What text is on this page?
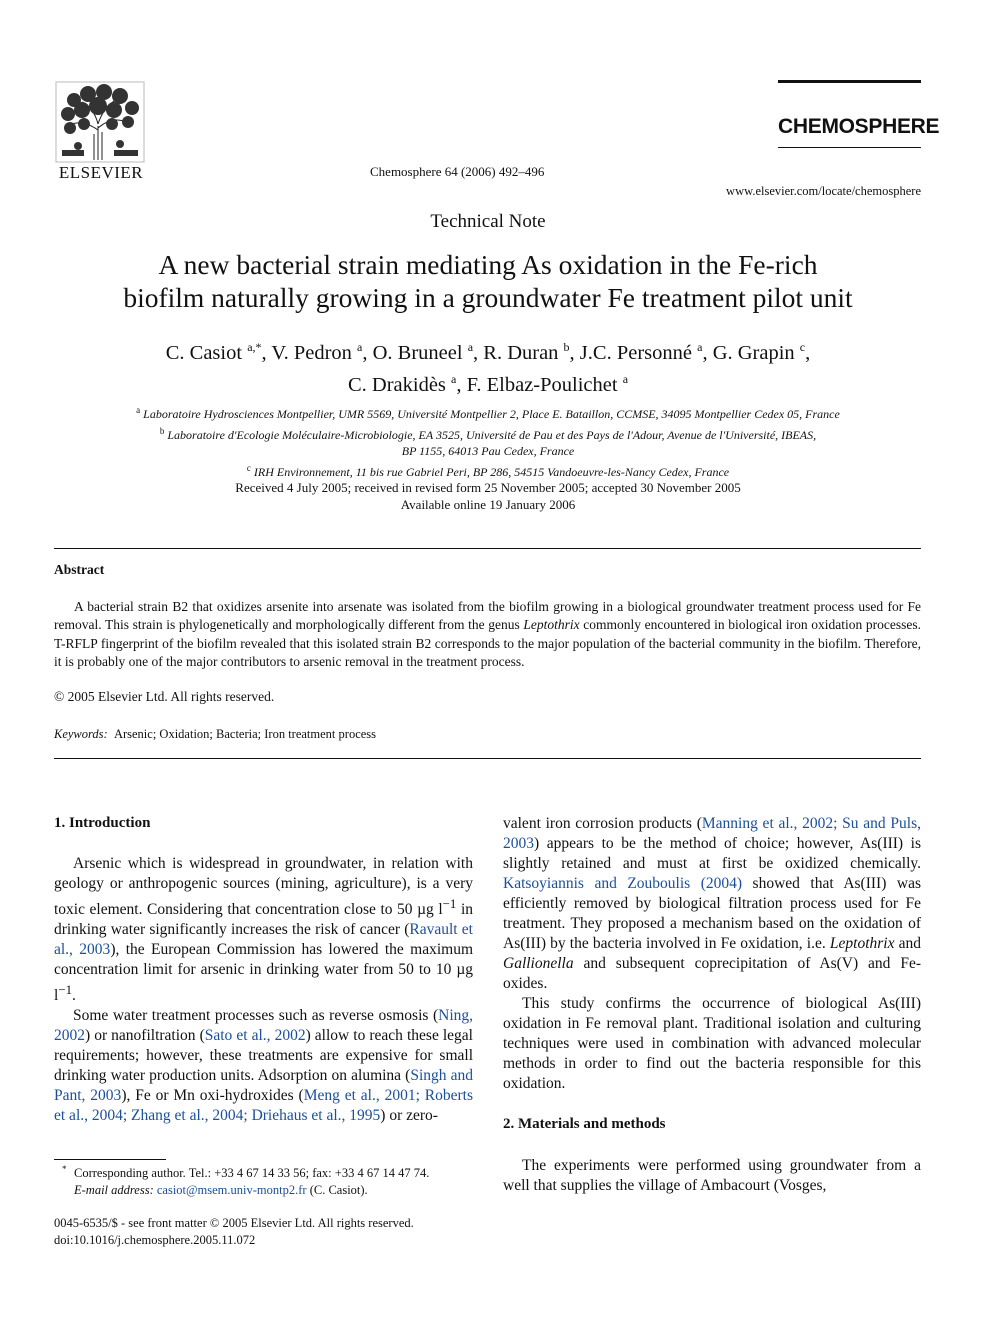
ELSEVIER	Chemosphere 64 (2006) 492–496
CHEMOSPHERE
www.elsevier.com/locate/chemosphere
Technical Note
A new bacterial strain mediating As oxidation in the Fe-rich
biofilm naturally growing in a groundwater Fe treatment pilot unit
C. Casiot $^{a,*}$, V. Pedron $^a$, O. Bruneel $^a$, R. Duran $^b$, J.C. Personné $^a$, G. Grapin $^c$,
C. Drakidès $^a$, F. Elbaz-Poulichet $^a$
$^a$ Laboratoire Hydrosciences Montpellier, UMR 5569, Université Montpellier 2, Place E. Bataillon, CCMSE, 34095 Montpellier Cedex 05, France
$^b$ Laboratoire d'Ecologie Moléculaire-Microbiologie, EA 3525, Université de Pau et des Pays de l'Adour, Avenue de l'Université, IBEAS,
BP 1155, 64013 Pau Cedex, France
$^c$ IRH Environnement, 11 bis rue Gabriel Peri, BP 286, 54515 Vandoeuvre-les-Nancy Cedex, France
Received 4 July 2005; received in revised form 25 November 2005; accepted 30 November 2005
Available online 19 January 2006
Abstract

A bacterial strain B2 that oxidizes arsenite into arsenate was isolated from the biofilm growing in a biological groundwater treatment process used for Fe removal. This strain is phylogenetically and morphologically different from the genus Leptothrix commonly encountered in biological iron oxidation processes. T-RFLP fingerprint of the biofilm revealed that this isolated strain B2 corresponds to the major population of the bacterial community in the biofilm. Therefore, it is probably one of the major contributors to arsenic removal in the treatment process.

© 2005 Elsevier Ltd. All rights reserved.
Keywords: Arsenic; Oxidation; Bacteria; Iron treatment process
1. Introduction

Arsenic which is widespread in groundwater, in relation with geology or anthropogenic sources (mining, agriculture), is a very toxic element. Considering that concentration close to 50 µg $l^{-1}$ in drinking water significantly increases the risk of cancer (Ravault et al., 2003), the European Commission has lowered the maximum concentration limit for arsenic in drinking water from 50 to 10 µg $l^{-1}$.

Some water treatment processes such as reverse osmosis (Ning, 2002) or nanofiltration (Sato et al., 2002) allow to reach these legal requirements; however, these treatments are expensive for small drinking water production units. Adsorption on alumina (Singh and Pant, 2003), Fe or Mn oxi-hydroxides (Meng et al., 2001; Roberts et al., 2004; Zhang et al., 2004; Driehaus et al., 1995) or zero-

valent iron corrosion products (Manning et al., 2002; Su and Puls, 2003) appears to be the method of choice; however, As(III) is slightly retained and must at first be oxidized chemically. Katsoyiannis and Zouboulis (2004) showed that As(III) was efficiently removed by biological filtration process used for Fe treatment. They proposed a mechanism based on the oxidation of As(III) by the bacteria involved in Fe oxidation, i.e. Leptothrix and Gallionella and subsequent coprecipitation of As(V) and Fe-oxides.

This study confirms the occurrence of biological As(III) oxidation in Fe removal plant. Traditional isolation and culturing techniques were used in combination with advanced molecular methods in order to find out the bacteria responsible for this oxidation.

2. Materials and methods

The experiments were performed using groundwater from a well that supplies the village of Ambacourt (Vosges,

* Corresponding author. Tel.: +33 4 67 14 33 56; fax: +33 4 67 14 47 74.
E-mail address: casiot@msem.univ-montp2.fr (C. Casiot).
0045-6535/$ - see front matter © 2005 Elsevier Ltd. All rights reserved.
doi:10.1016/j.chemosphere.2005.11.072
